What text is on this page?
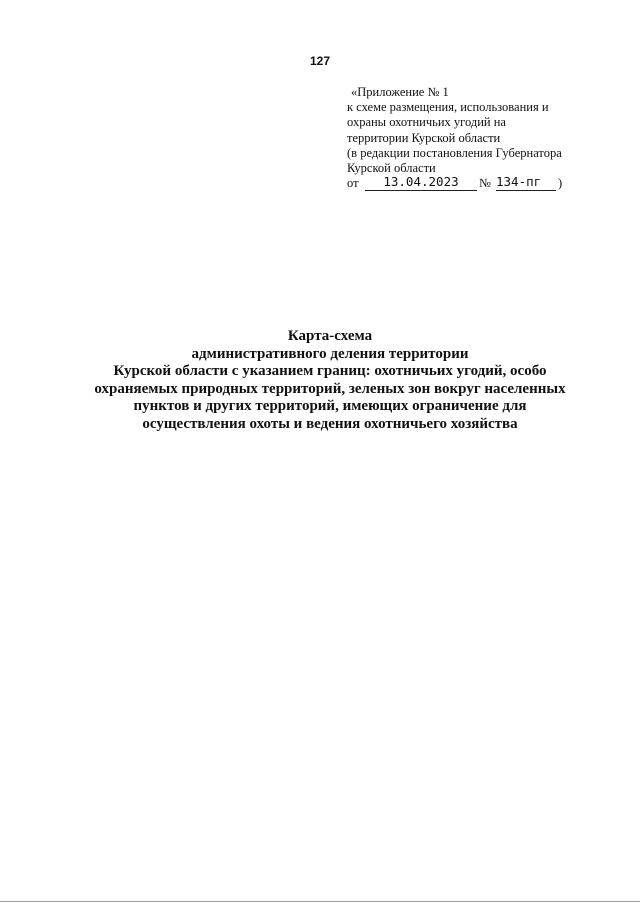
127
«Приложение № 1
к схеме размещения, использования и
охраны охотничьих угодий на
территории Курской области
(в редакции постановления Губернатора
Курской области
от	13.04.2023	№ 134-пг	)
Карта-схема
административного деления территории
Курской области с указанием границ: охотничьих угодий, особо
охраняемых природных территорий, зеленых зон вокруг населенных
пунктов и других территорий, имеющих ограничение для
осуществления охоты и ведения охотничьего хозяйства
